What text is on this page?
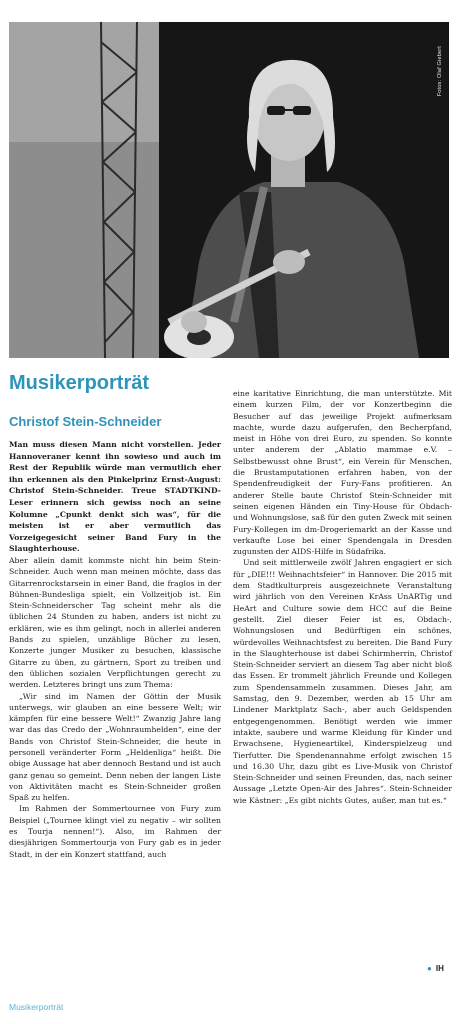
Fotos: Olaf Giebert
Musikerporträt
Christof Stein-Schneider

Man muss diesen Mann nicht vorstellen. Jeder Hannoveraner kennt ihn sowieso und auch im Rest der Republik würde man vermutlich eher ihn erkennen als den Pinkelprinz Ernst-August: Christof Stein-Schneider. Treue STADTKIND-Leser erinnern sich gewiss noch an seine Kolumne „Cpunkt denkt sich was“, für die meisten ist er aber vermutlich das Vorzeigegesicht seiner Band Fury in the Slaughterhouse.

Aber allein damit kommste nicht hin beim Stein-Schneider. Auch wenn man meinen möchte, dass das Gitarrenrockstarsein in einer Band, die fraglos in der Bühnen-Bundesliga spielt, ein Vollzeitjob ist. Ein Stein-Schneiderscher Tag scheint mehr als die üblichen 24 Stunden zu haben, anders ist nicht zu erklären, wie es ihm gelingt, noch in allerlei anderen Bands zu spielen, unzählige Bücher zu lesen, Konzerte junger Musiker zu besuchen, klassische Gitarre zu üben, zu gärtnern, Sport zu treiben und den üblichen sozialen Verpflichtungen gerecht zu werden. Letzteres bringt uns zum Thema:

„Wir sind im Namen der Göttin der Musik unterwegs, wir glauben an eine bessere Welt; wir kämpfen für eine bessere Welt!“ Zwanzig Jahre lang war das das Credo der „Wohnraumhelden“, eine der Bands von Christof Stein-Schneider, die heute in personell veränderter Form „Heldenliga“ heißt. Die obige Aussage hat aber dennoch Bestand und ist auch ganz genau so gemeint. Denn neben der langen Liste von Aktivitäten macht es Stein-Schneider großen Spaß zu helfen.

Im Rahmen der Sommertournee von Fury zum Beispiel („Tournee klingt viel zu negativ – wir sollten es Tourja nennen!“). Also, im Rahmen der diesjährigen Sommertourja von Fury gab es in jeder Stadt, in der ein Konzert stattfand, auch

eine karitative Einrichtung, die man unterstützte. Mit einem kurzen Film, der vor Konzertbeginn die Besucher auf das jeweilige Projekt aufmerksam machte, wurde dazu aufgerufen, den Becherpfand, meist in Höhe von drei Euro, zu spenden. So konnte unter anderem der „Ablatio mammae e.V. – Selbstbewusst ohne Brust“, ein Verein für Menschen, die Brustamputationen erfahren haben, von der Spendenfreudigkeit der Fury-Fans profitieren. An anderer Stelle baute Christof Stein-Schneider mit seinen eigenen Händen ein Tiny-House für Obdach- und Wohnungslose, saß für den guten Zweck mit seinen Fury-Kollegen im dm-Drogeriemarkt an der Kasse und verkaufte Lose bei einer Spendengala in Dresden zugunsten der AIDS-Hilfe in Südafrika.

Und seit mittlerweile zwölf Jahren engagiert er sich für „DIE!!! Weihnachtsfeier“ in Hannover. Die 2015 mit dem Stadtkulturpreis ausgezeichnete Veranstaltung wird jährlich von den Vereinen KrAss UnARTig und HeArt and Culture sowie dem HCC auf die Beine gestellt. Ziel dieser Feier ist es, Obdach-, Wohnungslosen und Bedürftigen ein schönes, würdevolles Weihnachtsfest zu bereiten. Die Band Fury in the Slaughterhouse ist dabei Schirmherrin, Christof Stein-Schneider serviert an diesem Tag aber nicht bloß das Essen. Er trommelt jährlich Freunde und Kollegen zum Spendensammeln zusammen. Dieses Jahr, am Samstag, den 9. Dezember, werden ab 15 Uhr am Lindener Marktplatz Sach-, aber auch Geldspenden entgegengenommen. Benötigt werden wie immer intakte, saubere und warme Kleidung für Kinder und Erwachsene, Hygieneartikel, Kinderspielzeug und Tierfutter. Die Spendenannahme erfolgt zwischen 15 und 16.30 Uhr, dazu gibt es Live-Musik von Christof Stein-Schneider und seinen Freunden, das, nach seiner Aussage „Letzte Open-Air des Jahres“. Stein-Schneider wie Kästner: „Es gibt nichts Gutes, außer, man tut es.“

● IH
Musikerporträt
